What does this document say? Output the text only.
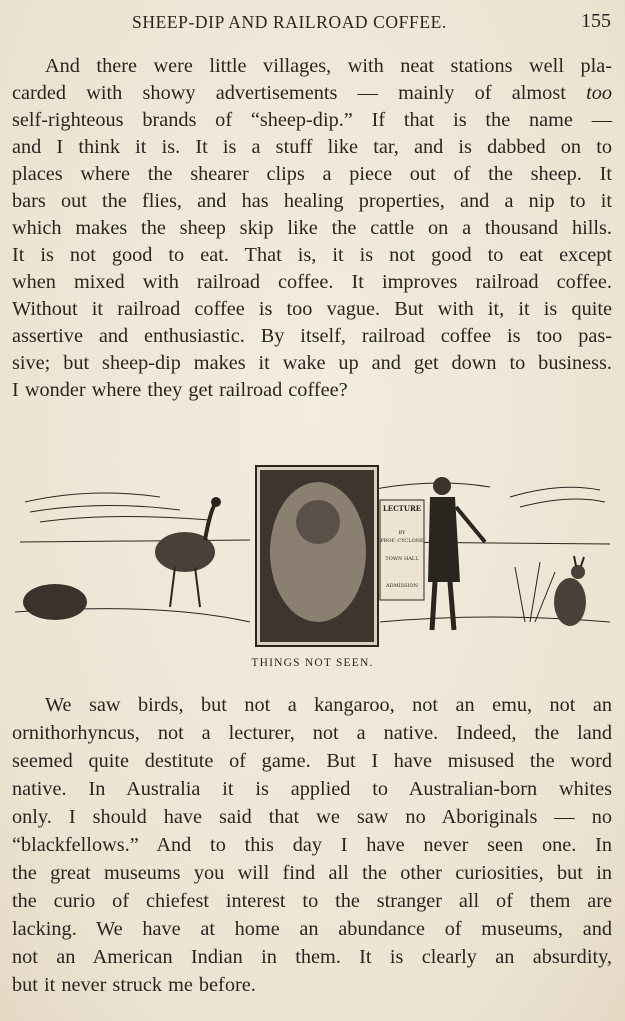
SHEEP-DIP AND RAILROAD COFFEE.	155
And there were little villages, with neat stations well pla-
carded with showy advertisements — mainly of almost too
self-righteous brands of “sheep-dip.” If that is the name —
and I think it is. It is a stuff like tar, and is dabbed on to
places where the shearer clips a piece out of the sheep. It
bars out the flies, and has healing properties, and a nip to it
which makes the sheep skip like the cattle on a thousand hills.
It is not good to eat. That is, it is not good to eat except
when mixed with railroad coffee. It improves railroad coffee.
Without it railroad coffee is too vague. But with it, it is quite
assertive and enthusiastic. By itself, railroad coffee is too pas-
sive; but sheep-dip makes it wake up and get down to business.
I wonder where they get railroad coffee?
LECTURE
BY
PROF. CYCLONE
TOWN HALL
ADMISSION
THINGS NOT SEEN.
We saw birds, but not a kangaroo, not an emu, not an
ornithorhyncus, not a lecturer, not a native. Indeed, the land
seemed quite destitute of game. But I have misused the word
native. In Australia it is applied to Australian-born whites
only. I should have said that we saw no Aboriginals — no
“blackfellows.” And to this day I have never seen one. In
the great museums you will find all the other curiosities, but in
the curio of chiefest interest to the stranger all of them are
lacking. We have at home an abundance of museums, and
not an American Indian in them. It is clearly an absurdity,
but it never struck me before.
